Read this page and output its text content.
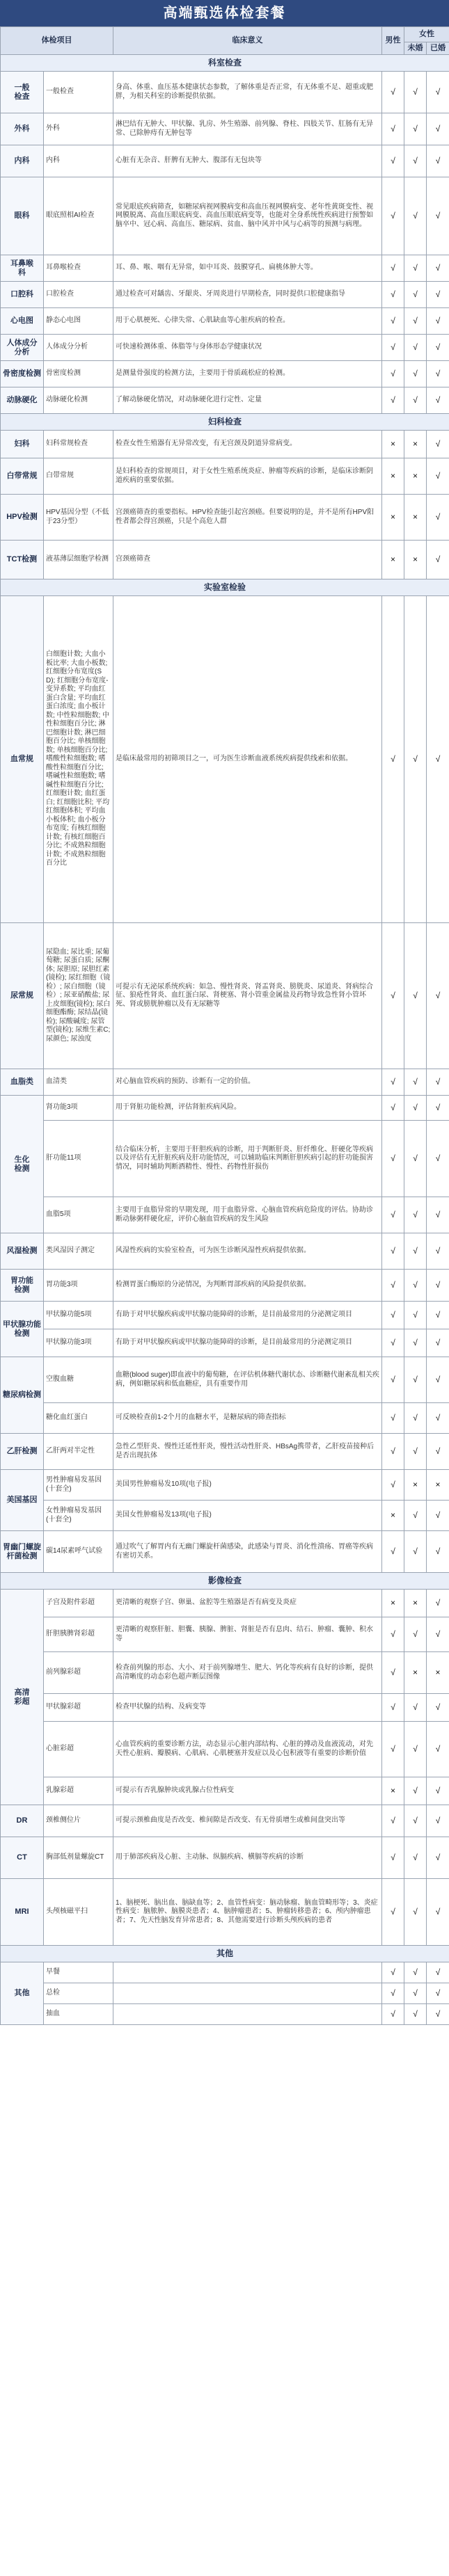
高端甄选体检套餐
体检项目		临床意义	男性	女性	
				未婚	已婚
科室检查					
一般
检查	一般检查	身高、体重、血压基本健康状态参数，了解体重是否正常，有无体重不足、超重或肥胖，为相关科室的诊断提供依据。	√	√	√
外科	外科	淋巴结有无肿大、甲状腺、乳房、外生殖器、前列腺、脊柱、四肢关节、肛肠有无异常、已除肿痔有无肿包等	√	√	√
内科	内科	心脏有无杂音、肝脾有无肿大、腹部有无包块等	√	√	√
眼科	眼底照相AI检查	常见眼底疾病筛查，如糖尿病视网膜病变和高血压视网膜病变、老年性黄斑变性、视网膜脱离、高血压眼底病变、高血压眼底病变等，也能对全身系统性疾病进行预警如脑卒中、冠心病、高血压、糖尿病、贫血、脑中风并中风与心病等的预测与病理。	√	√	√
耳鼻喉
科	耳鼻喉检查	耳、鼻、喉、咽有无异常，如中耳炎、鼓膜穿孔、扁桃体肿大等。	√	√	√
口腔科	口腔检查	通过检查可对龋齿、牙龈炎、牙周炎进行早期检查，同时提供口腔健康指导	√	√	√
心电图	静态心电图	用于心肌梗死、心律失常、心肌缺血等心脏疾病的检查。	√	√	√
人体成分
分析	人体成分分析	可快速检测体重、体脂等与身体形态学健康状况	√	√	√
骨密度检测	骨密度检测	是测量骨强度的检测方法，主要用于骨质疏松症的检测。	√	√	√
动脉硬化	动脉硬化检测	了解动脉硬化情况，对动脉硬化进行定性、定量	√	√	√
妇科检查					
妇科	妇科常规检查	检查女性生殖器有无异常改变，有无宫颈及阴道异常病变。	×	×	√
白带常规	白带常规	是妇科检查的常规项目，对于女性生殖系统炎症、肿瘤等疾病的诊断，是临床诊断阴道疾病的重要依据。	×	×	√
HPV检测	HPV基因分型（不低于23分型）	宫颈癌筛查的重要指标。HPV检查能引起宫颈癌。但要说明的是，并不是所有HPV阳性者都会得宫颈癌，只是个高危人群	×	×	√
TCT检测	液基薄层细胞学检测	宫颈癌筛查	×	×	√
实验室检验					
血常规	白细胞计数; 大血小板比率; 大血小板数; 红细胞分布宽度(SD); 红细胞分布宽度-变异系数; 平均血红蛋白含量; 平均血红蛋白浓度; 血小板计数; 中性粒细胞数; 中性粒细胞百分比; 淋巴细胞计数; 淋巴细胞百分比; 单核细胞数; 单核细胞百分比; 嗜酸性粒细胞数; 嗜酸性粒细胞百分比; 嗜碱性粒细胞数; 嗜碱性粒细胞百分比; 红细胞计数; 血红蛋白; 红细胞比积; 平均红细胞体积; 平均血小板体积; 血小板分布宽度; 有核红细胞计数; 有核红细胞百分比; 不成熟粒细胞计数; 不成熟粒细胞百分比	是临床最常用的初筛项目之一，可为医生诊断血液系统疾病提供线索和依据。	√	√	√
尿常规	尿隐血; 尿比重; 尿葡萄糖; 尿蛋白质; 尿酮体; 尿胆原; 尿胆红素(镜检); 尿红细胞（镜检）; 尿白细胞（镜检）; 尿亚硝酸盐; 尿上皮细胞(镜检); 尿白细胞酯酶; 尿结晶(镜检); 尿酸碱度; 尿管型(镜检); 尿维生素C; 尿颜色; 尿浊度	可提示有无泌尿系统疾病：如急、慢性肾炎、肾盂肾炎、膀胱炎、尿道炎、肾病综合征、狼疮性肾炎、血红蛋白尿、肾梗塞、肾小管重金属盐及药物导致急性肾小管坏死、肾或膀胱肿瘤以及有无尿糖等	√	√	√
血脂类	血清类	对心脑血管疾病的预防、诊断有一定的价值。	√	√	√
生化
检测	肾功能3项	用于肾脏功能检测，评估肾脏疾病风险。	√	√	√
	肝功能11项	结合临床分析，主要用于肝胆疾病的诊断，用于判断肝炎、肝纤维化、肝硬化等疾病以及评估有无肝脏疾病及肝功能情况，可以辅助临床判断肝胆疾病引起的肝功能损害情况，同时辅助判断酒精性、慢性、药物性肝损伤	√	√	√
	血脂5项	主要用于血脂异常的早期发现，用于血脂异常、心脑血管疾病危险度的评估。协助诊断动脉粥样硬化症，评价心脑血管疾病的发生风险	√	√	√
风湿检测	类风湿因子测定	风湿性疾病的实验室检查，可为医生诊断风湿性疾病提供依据。	√	√	√
胃功能
检测	胃功能3项	检测胃蛋白酶原的分泌情况，为判断胃部疾病的风险提供依据。	√	√	√
甲状腺功能
检测	甲状腺功能5项	有助于对甲状腺疾病或甲状腺功能障碍的诊断，是目前最常用的分泌测定项目	√	√	√
	甲状腺功能3项	有助于对甲状腺疾病或甲状腺功能障碍的诊断，是目前最常用的分泌测定项目	√	√	√
糖尿病检测	空腹血糖	血糖(blood suger)即血液中的葡萄糖，在评估机体糖代谢状态、诊断糖代谢紊乱相关疾病，例如糖尿病和低血糖症，具有重要作用	√	√	√
	糖化血红蛋白	可反映检查前1-2个月的血糖水平，是糖尿病的筛查指标	√	√	√
乙肝检测	乙肝两对半定性	急性乙型肝炎、慢性迁延性肝炎，慢性活动性肝炎、HBsAg携带者，乙肝疫苗接种后是否出现抗体	√	√	√
美国基因	男性肿瘤易发基因(十套全)	美国男性肿瘤易发10项(电子报)	√	×	×
	女性肿瘤易发基因(十套全)	美国女性肿瘤易发13项(电子报)	×	√	√
胃幽门螺旋
杆菌检测	碳14尿素呼气试验	通过吹气了解胃内有无幽门螺旋杆菌感染，此感染与胃炎、消化性溃疡、胃癌等疾病有密切关系。	√	√	√
影像检查					
高清
彩超	子宫及附件彩超	更清晰的观察子宫、卵巢、盆腔等生殖器是否有病变及炎症	×	×	√
	肝胆胰脾肾彩超	更清晰的观察肝脏、胆囊、胰腺、脾脏、肾脏是否有息肉、结石、肿瘤、囊肿、积水等	√	√	√
	前列腺彩超	检查前列腺的形态、大小、对于前列腺增生、肥大、钙化等疾病有良好的诊断，提供高清晰度的动态彩色超声断层图像	√	×	×
	甲状腺彩超	检查甲状腺的结构、及病变等	√	√	√
	心脏彩超	心血管疾病的重要诊断方法，动态显示心脏内部结构、心脏的搏动及血液流动，对先天性心脏病、瓣膜病、心肌病、心肌梗塞并发症以及心包积液等有重要的诊断价值	√	√	√
	乳腺彩超	可提示有否乳腺肿块或乳腺占位性病变	×	√	√
DR	颈椎侧位片	可提示颈椎曲度是否改变、椎间隙是否改变、有无骨质增生或椎间盘突出等	√	√	√
CT	胸部低剂量螺旋CT	用于肺部疾病及心脏、主动脉、纵膈疾病、横膈等疾病的诊断	√	√	√
MRI	头颅核磁平扫	1、脑梗死、脑出血、脑缺血等；2、血管性病变：脑动脉瘤、脑血管畸形等；3、炎症性病变：脑脓肿、脑膜炎患者；4、脑肿瘤患者；5、肿瘤转移患者；6、颅内肿瘤患者；7、先天性脑发育异常患者；8、其他需要进行诊断头颅疾病的患者	√	√	√
其他					
其他	早餐		√	√	√
	总检		√	√	√
	抽血		√	√	√
